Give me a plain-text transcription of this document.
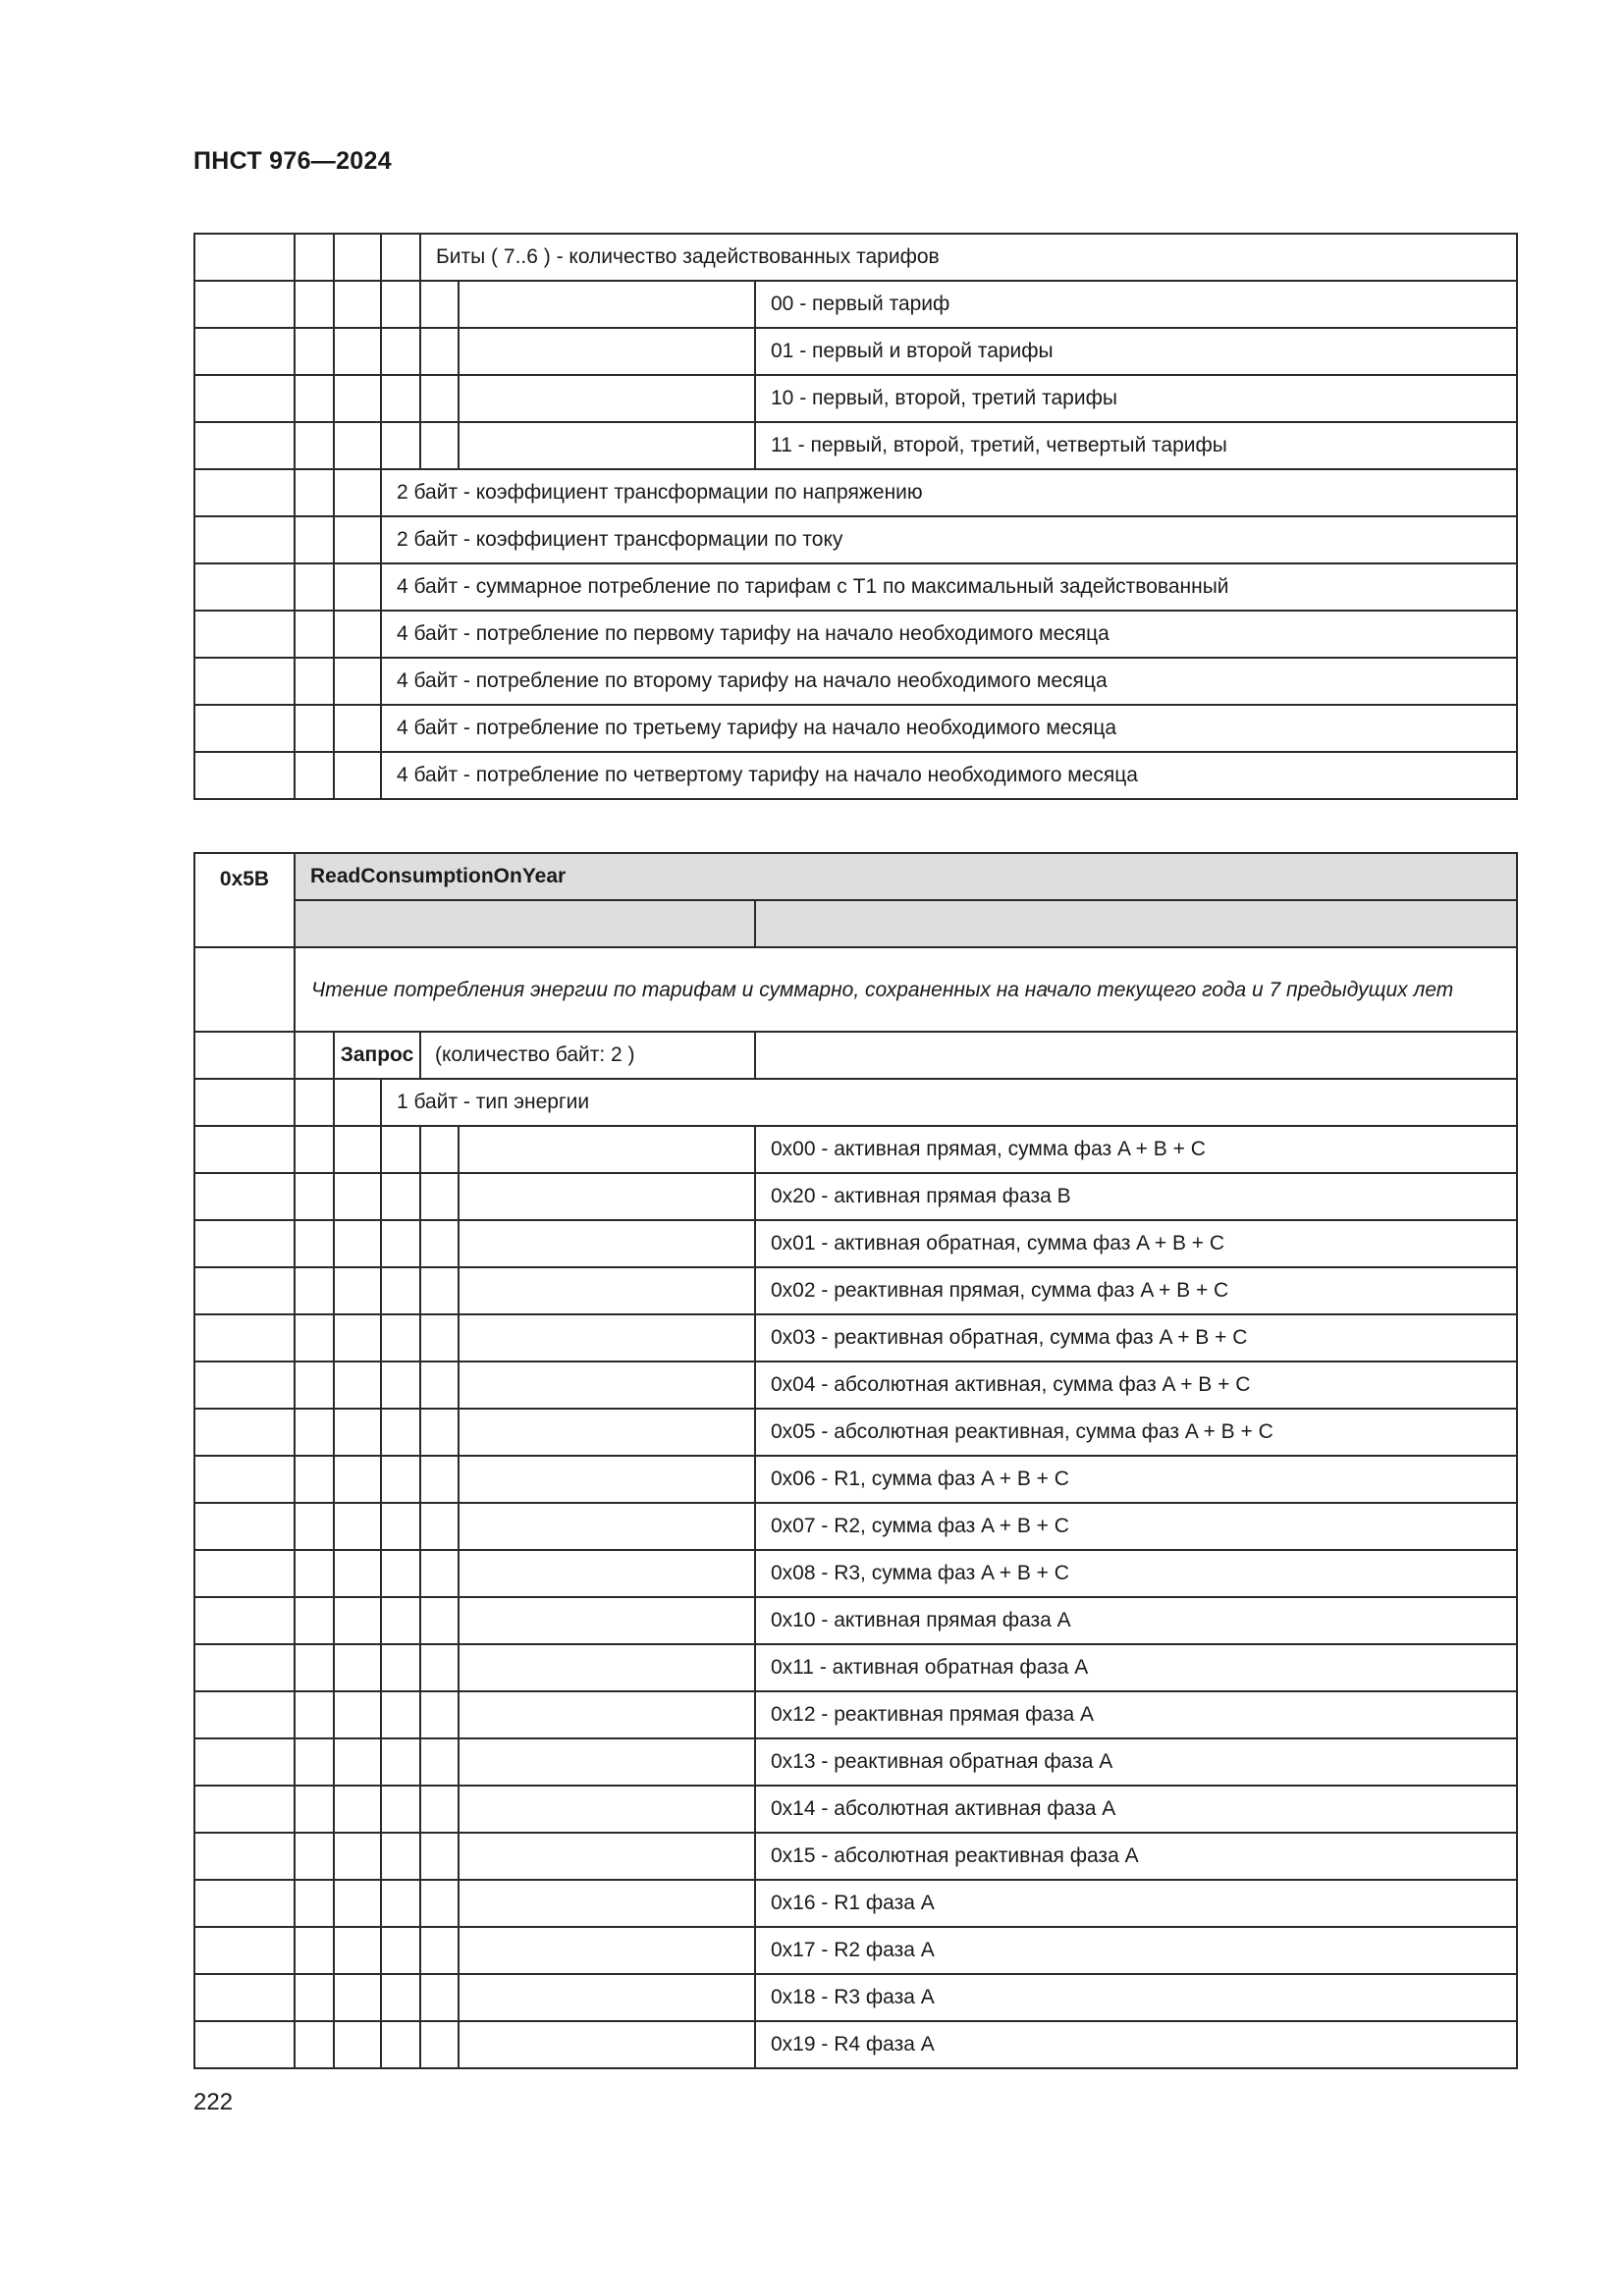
ПНСТ 976—2024
				Биты ( 7..6 ) - количество задействованных тарифов		
						00 - первый тариф
						01 - первый и второй тарифы
						10 - первый, второй, третий тарифы
						11 - первый, второй, третий, четвертый тарифы
			2 байт - коэффициент трансформации по напряжению			
			2 байт - коэффициент трансформации по току			
			4 байт - суммарное потребление по тарифам с Т1 по максимальный задействованный			
			4 байт - потребление по первому тарифу на начало необходимого месяца			
			4 байт - потребление по второму тарифу на начало необходимого месяца			
			4 байт - потребление по третьему тарифу на начало необходимого месяца			
			4 байт - потребление по четвертому тарифу на начало необходимого месяца			
0x5B	ReadConsumptionOnYear					

	Чтение потребления энергии по тарифам и суммарно, сохраненных на начало текущего года и 7 предыдущих лет					
		Запрос		(количество байт: 2 )		
			1 байт - тип энергии			
						0x00 - активная прямая, сумма фаз A + B + C
						0x20 - активная прямая фаза B
						0x01 - активная обратная, сумма фаз A + B + C
						0x02 - реактивная прямая, сумма фаз A + B + C
						0x03 - реактивная обратная, сумма фаз A + B + C
						0x04 - абсолютная активная, сумма фаз A + B + C
						0x05 - абсолютная реактивная, сумма фаз A + B + C
						0x06 - R1, сумма фаз A + B + C
						0x07 - R2, сумма фаз A + B + C
						0x08 - R3, сумма фаз A + B + C
						0x10 - активная прямая фаза A
						0x11 - активная обратная фаза A
						0x12 - реактивная прямая фаза A
						0x13 - реактивная обратная фаза A
						0x14 - абсолютная активная фаза A
						0x15 - абсолютная реактивная фаза A
						0x16 - R1 фаза A
						0x17 - R2 фаза A
						0x18 - R3 фаза A
						0x19 - R4 фаза A
222
